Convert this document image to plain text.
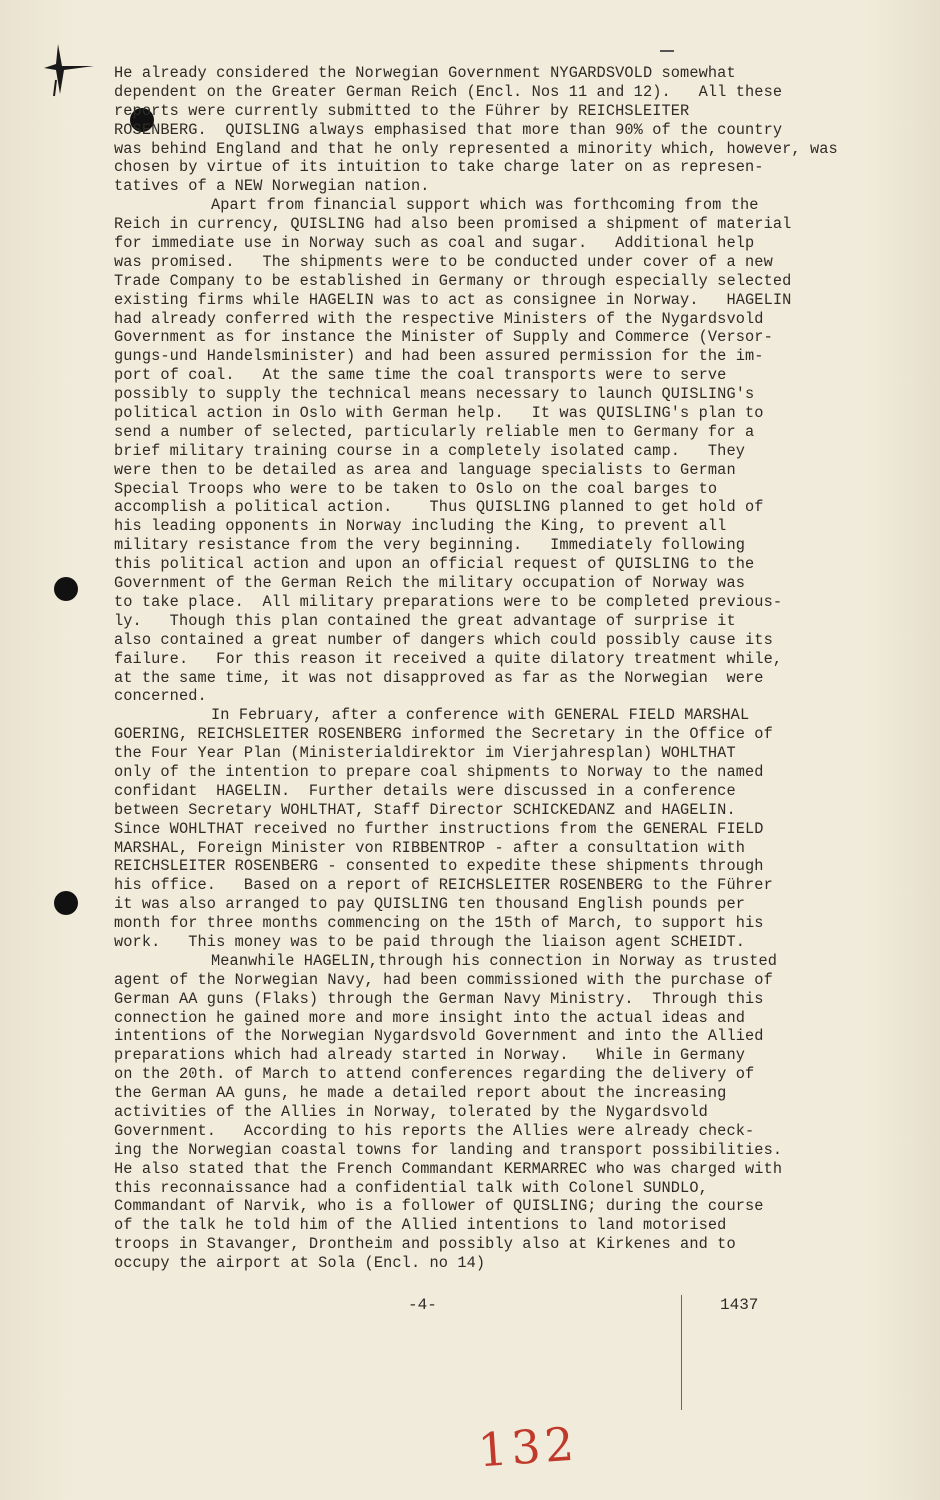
He already considered the Norwegian Government NYGARDSVOLD somewhat
dependent on the Greater German Reich (Encl. Nos 11 and 12).   All these
reports were currently submitted to the Führer by REICHSLEITER
ROSENBERG.  QUISLING always emphasised that more than 90% of the country
was behind England and that he only represented a minority which, however, was
chosen by virtue of its intuition to take charge later on as represen-
tatives of a NEW Norwegian nation.
Apart from financial support which was forthcoming from the
Reich in currency, QUISLING had also been promised a shipment of material
for immediate use in Norway such as coal and sugar.   Additional help
was promised.   The shipments were to be conducted under cover of a new
Trade Company to be established in Germany or through especially selected
existing firms while HAGELIN was to act as consignee in Norway.   HAGELIN
had already conferred with the respective Ministers of the Nygardsvold
Government as for instance the Minister of Supply and Commerce (Versor-
gungs-und Handelsminister) and had been assured permission for the im-
port of coal.   At the same time the coal transports were to serve
possibly to supply the technical means necessary to launch QUISLING's
political action in Oslo with German help.   It was QUISLING's plan to
send a number of selected, particularly reliable men to Germany for a
brief military training course in a completely isolated camp.   They
were then to be detailed as area and language specialists to German
Special Troops who were to be taken to Oslo on the coal barges to
accomplish a political action.    Thus QUISLING planned to get hold of
his leading opponents in Norway including the King, to prevent all
military resistance from the very beginning.   Immediately following
this political action and upon an official request of QUISLING to the
Government of the German Reich the military occupation of Norway was
to take place.  All military preparations were to be completed previous-
ly.   Though this plan contained the great advantage of surprise it
also contained a great number of dangers which could possibly cause its
failure.   For this reason it received a quite dilatory treatment while,
at the same time, it was not disapproved as far as the Norwegian  were
concerned.
In February, after a conference with GENERAL FIELD MARSHAL
GOERING, REICHSLEITER ROSENBERG informed the Secretary in the Office of
the Four Year Plan (Ministerialdirektor im Vierjahresplan) WOHLTHAT
only of the intention to prepare coal shipments to Norway to the named
confidant  HAGELIN.  Further details were discussed in a conference
between Secretary WOHLTHAT, Staff Director SCHICKEDANZ and HAGELIN.
Since WOHLTHAT received no further instructions from the GENERAL FIELD
MARSHAL, Foreign Minister von RIBBENTROP - after a consultation with
REICHSLEITER ROSENBERG - consented to expedite these shipments through
his office.   Based on a report of REICHSLEITER ROSENBERG to the Führer
it was also arranged to pay QUISLING ten thousand English pounds per
month for three months commencing on the 15th of March, to support his
work.   This money was to be paid through the liaison agent SCHEIDT.
Meanwhile HAGELIN,through his connection in Norway as trusted
agent of the Norwegian Navy, had been commissioned with the purchase of
German AA guns (Flaks) through the German Navy Ministry.  Through this
connection he gained more and more insight into the actual ideas and
intentions of the Norwegian Nygardsvold Government and into the Allied
preparations which had already started in Norway.   While in Germany
on the 20th. of March to attend conferences regarding the delivery of
the German AA guns, he made a detailed report about the increasing
activities of the Allies in Norway, tolerated by the Nygardsvold
Government.   According to his reports the Allies were already check-
ing the Norwegian coastal towns for landing and transport possibilities.
He also stated that the French Commandant KERMARREC who was charged with
this reconnaissance had a confidential talk with Colonel SUNDLO,
Commandant of Narvik, who is a follower of QUISLING; during the course
of the talk he told him of the Allied intentions to land motorised
troops in Stavanger, Drontheim and possibly also at Kirkenes and to
occupy the airport at Sola (Encl. no 14)
-4-	1437
132
